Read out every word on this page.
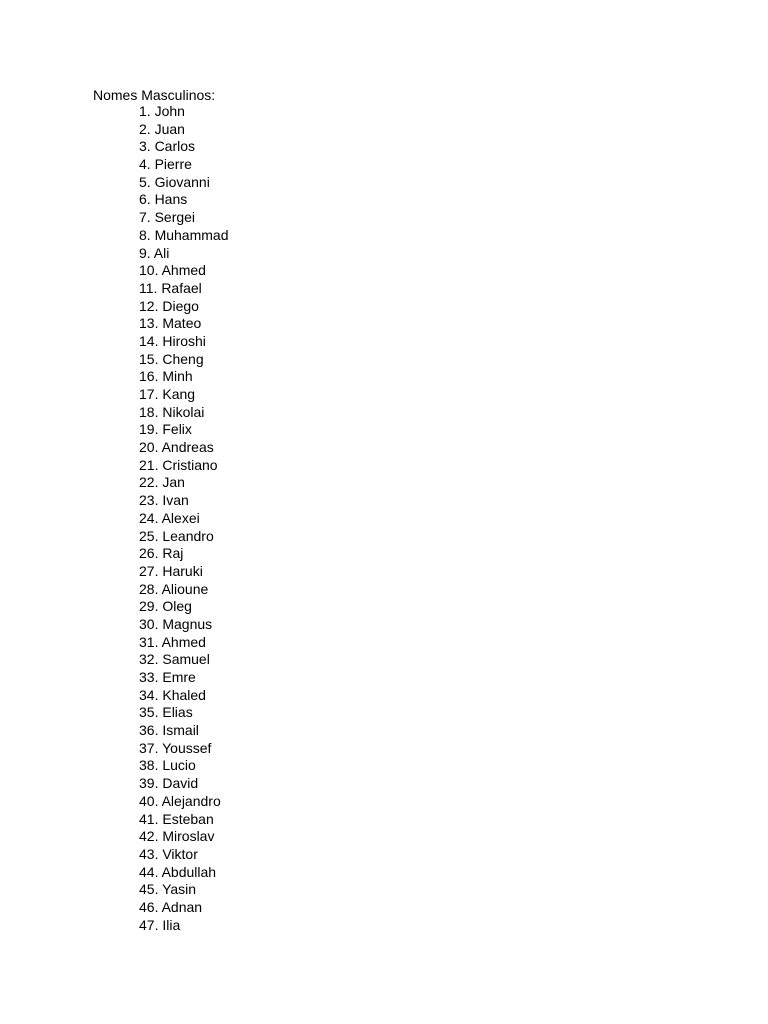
Nomes Masculinos:
1. John
2. Juan
3. Carlos
4. Pierre
5. Giovanni
6. Hans
7. Sergei
8. Muhammad
9. Ali
10. Ahmed
11. Rafael
12. Diego
13. Mateo
14. Hiroshi
15. Cheng
16. Minh
17. Kang
18. Nikolai
19. Felix
20. Andreas
21. Cristiano
22. Jan
23. Ivan
24. Alexei
25. Leandro
26. Raj
27. Haruki
28. Alioune
29. Oleg
30. Magnus
31. Ahmed
32. Samuel
33. Emre
34. Khaled
35. Elias
36. Ismail
37. Youssef
38. Lucio
39. David
40. Alejandro
41. Esteban
42. Miroslav
43. Viktor
44. Abdullah
45. Yasin
46. Adnan
47. Ilia
